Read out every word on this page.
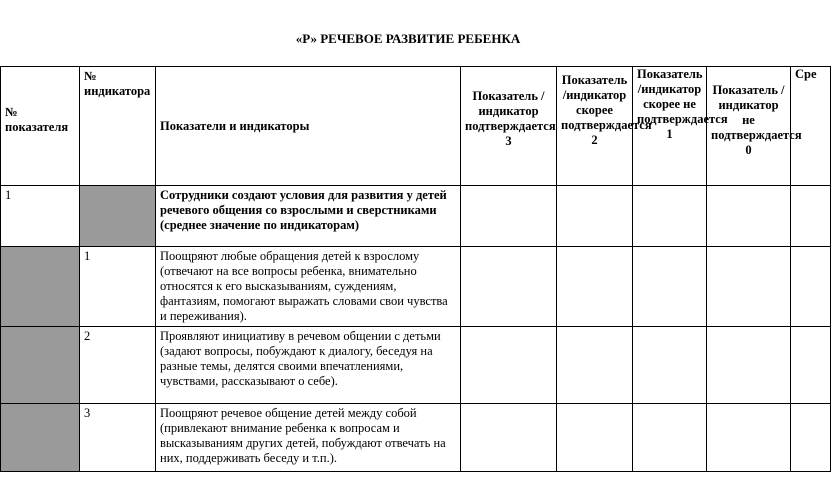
«Р» РЕЧЕВОЕ РАЗВИТИЕ РЕБЕНКА
№ показателя	№ индикатора	Показатели и индикаторы	Показатель /индикатор подтверждается 3	Показатель /индикатор скорее подтверждается 2	Показатель /индикатор скорее не подтверждается 1	Показатель /индикатор не подтверждается 0	Сре
1		Сотрудники создают условия для развития у детей речевого общения со взрослыми и сверстниками (среднее значение по индикаторам)					
	1	Поощряют любые обращения детей к взрослому (отвечают на все вопросы ребенка, внимательно относятся к его высказываниям, суждениям, фантазиям, помогают выражать словами свои чувства и переживания).					
	2	Проявляют инициативу в речевом общении с детьми (задают вопросы, побуждают к диалогу, беседуя на разные темы, делятся своими впечатлениями, чувствами, рассказывают о себе).					
	3	Поощряют речевое общение детей между собой (привлекают внимание ребенка к вопросам и высказываниям других детей, побуждают отвечать на них, поддерживать беседу и т.п.).					
